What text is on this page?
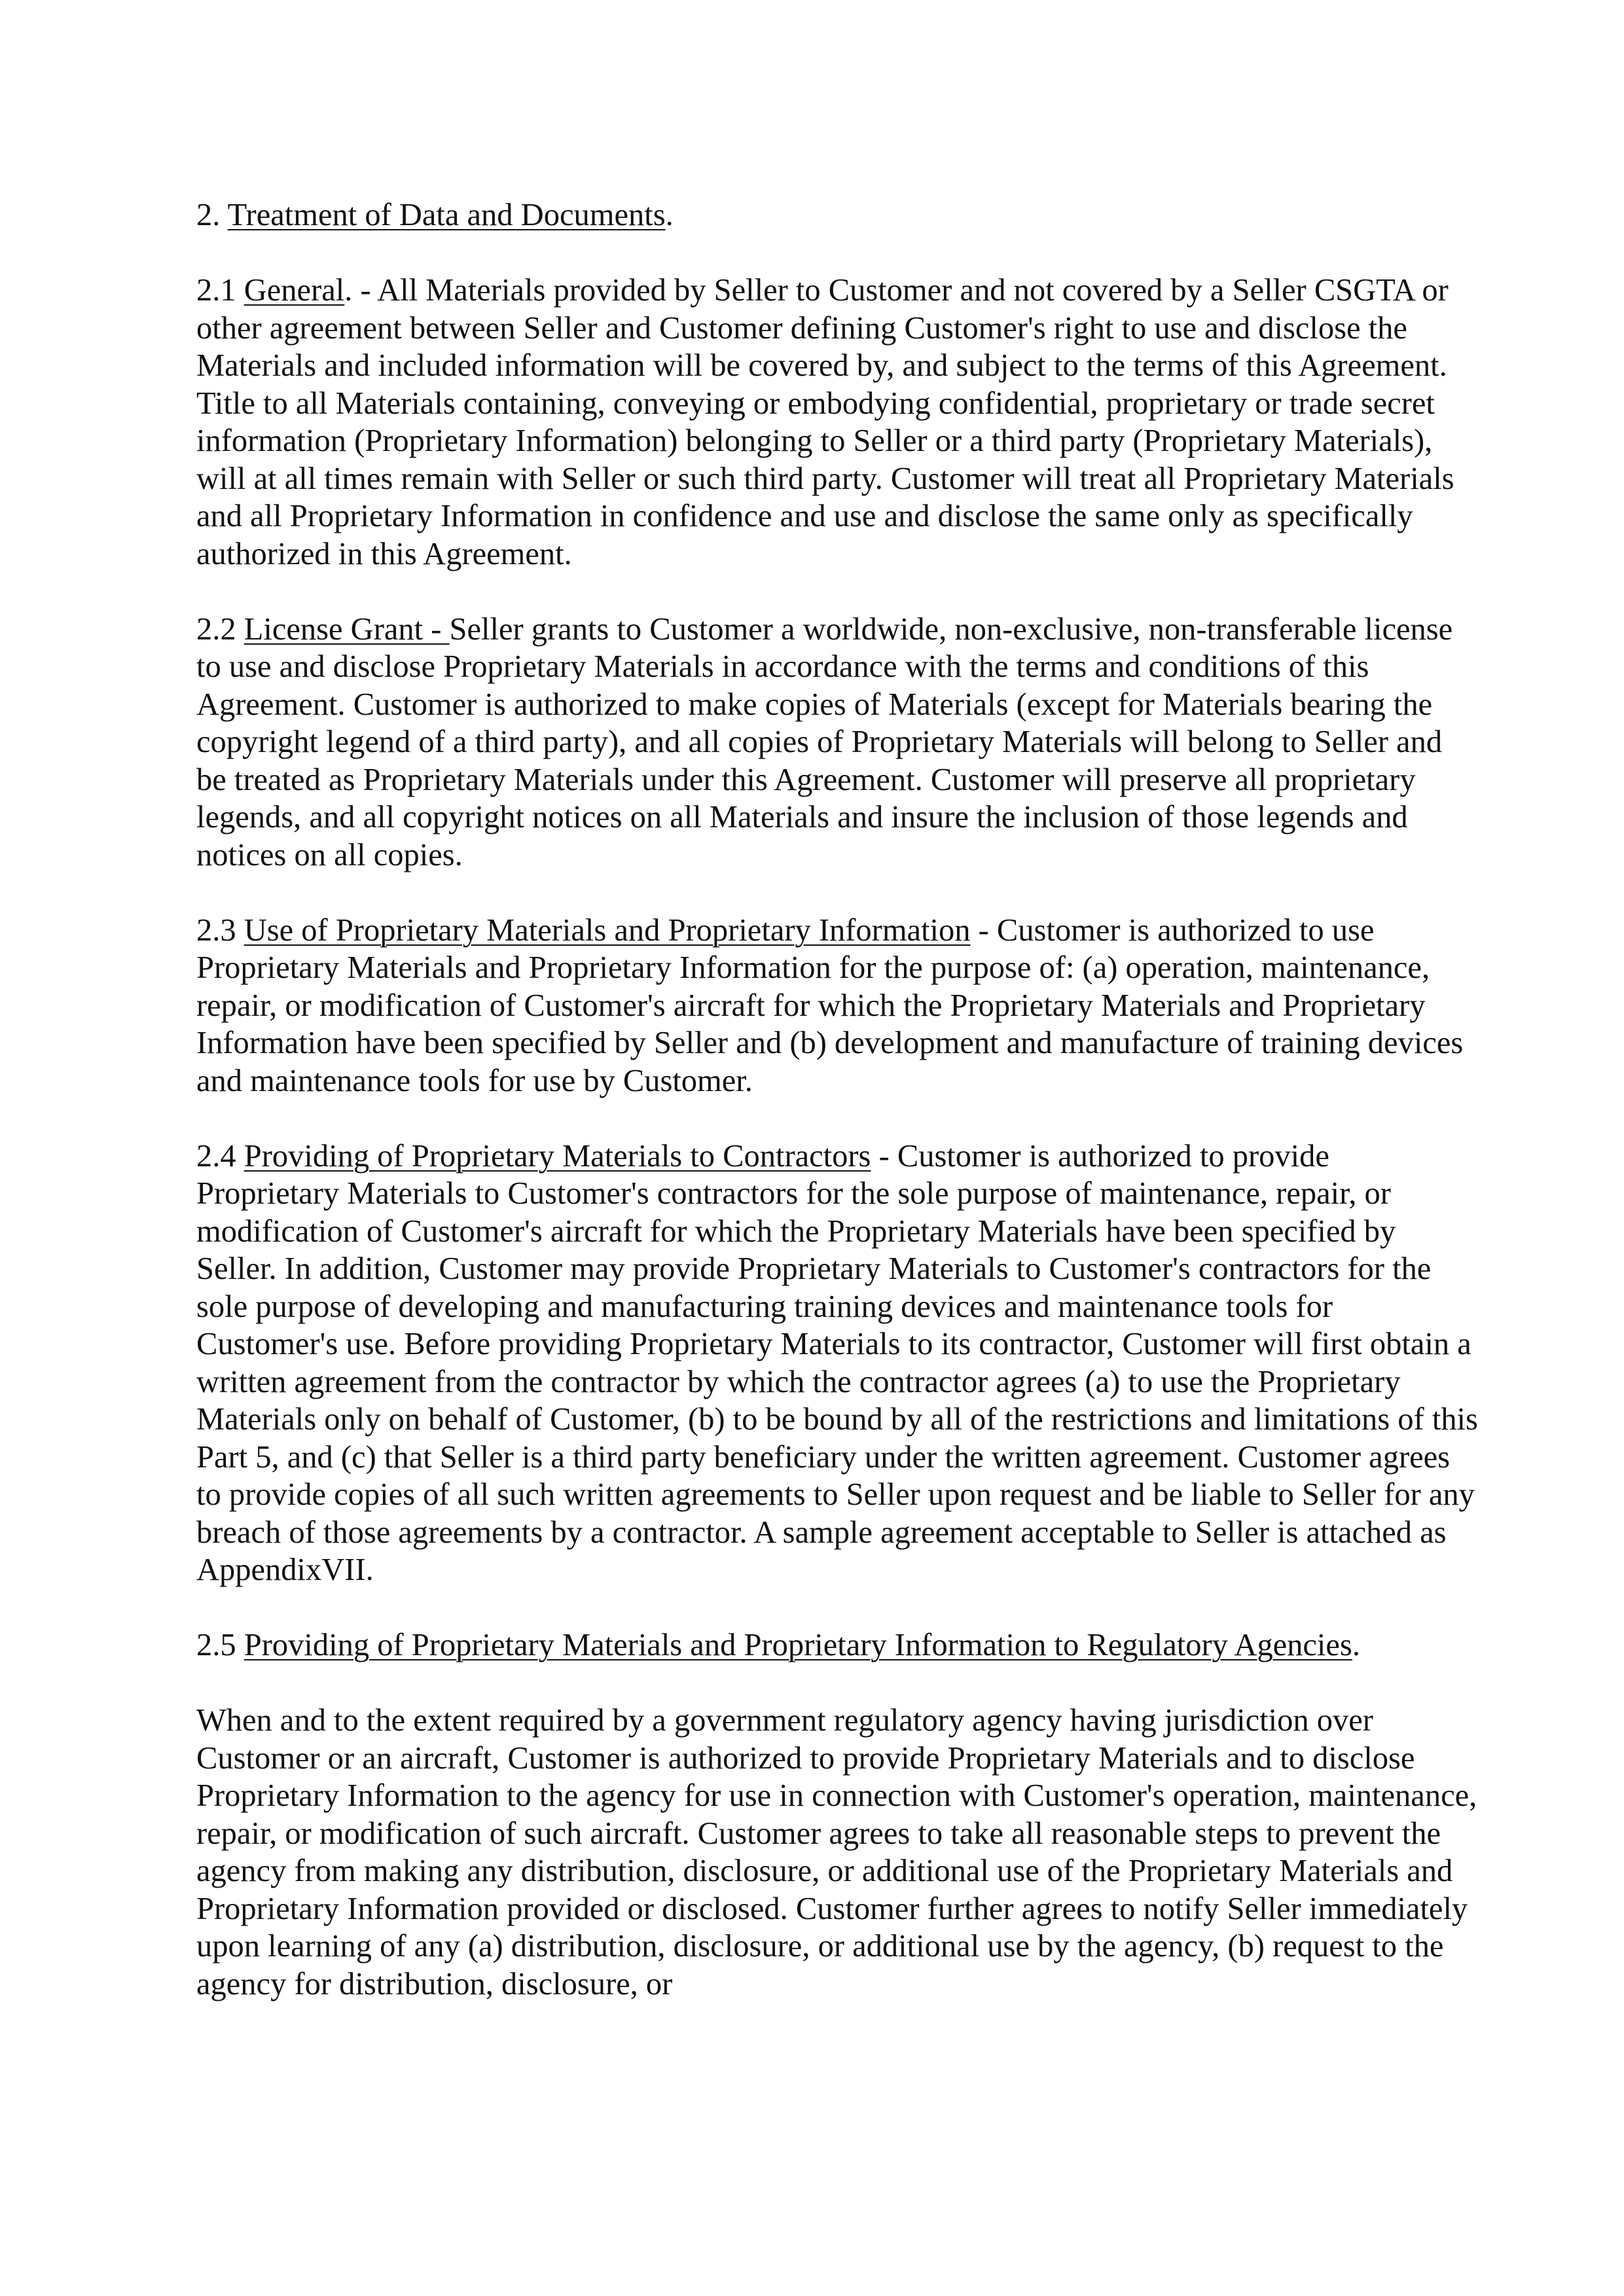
2. Treatment of Data and Documents.

2.1 General. - All Materials provided by Seller to Customer and not covered by a Seller CSGTA or other agreement between Seller and Customer defining Customer's right to use and disclose the Materials and included information will be covered by, and subject to the terms of this Agreement. Title to all Materials containing, conveying or embodying confidential, proprietary or trade secret information (Proprietary Information) belonging to Seller or a third party (Proprietary Materials), will at all times remain with Seller or such third party. Customer will treat all Proprietary Materials and all Proprietary Information in confidence and use and disclose the same only as specifically authorized in this Agreement.

2.2 License Grant - Seller grants to Customer a worldwide, non-exclusive, non-transferable license to use and disclose Proprietary Materials in accordance with the terms and conditions of this Agreement. Customer is authorized to make copies of Materials (except for Materials bearing the copyright legend of a third party), and all copies of Proprietary Materials will belong to Seller and be treated as Proprietary Materials under this Agreement. Customer will preserve all proprietary legends, and all copyright notices on all Materials and insure the inclusion of those legends and notices on all copies.

2.3 Use of Proprietary Materials and Proprietary Information - Customer is authorized to use Proprietary Materials and Proprietary Information for the purpose of: (a) operation, maintenance, repair, or modification of Customer's aircraft for which the Proprietary Materials and Proprietary Information have been specified by Seller and (b) development and manufacture of training devices and maintenance tools for use by Customer.

2.4 Providing of Proprietary Materials to Contractors - Customer is authorized to provide Proprietary Materials to Customer's contractors for the sole purpose of maintenance, repair, or modification of Customer's aircraft for which the Proprietary Materials have been specified by Seller. In addition, Customer may provide Proprietary Materials to Customer's contractors for the sole purpose of developing and manufacturing training devices and maintenance tools for Customer's use. Before providing Proprietary Materials to its contractor, Customer will first obtain a written agreement from the contractor by which the contractor agrees (a) to use the Proprietary Materials only on behalf of Customer, (b) to be bound by all of the restrictions and limitations of this Part 5, and (c) that Seller is a third party beneficiary under the written agreement. Customer agrees to provide copies of all such written agreements to Seller upon request and be liable to Seller for any breach of those agreements by a contractor. A sample agreement acceptable to Seller is attached as AppendixVII.

2.5 Providing of Proprietary Materials and Proprietary Information to Regulatory Agencies.

When and to the extent required by a government regulatory agency having jurisdiction over Customer or an aircraft, Customer is authorized to provide Proprietary Materials and to disclose Proprietary Information to the agency for use in connection with Customer's operation, maintenance, repair, or modification of such aircraft. Customer agrees to take all reasonable steps to prevent the agency from making any distribution, disclosure, or additional use of the Proprietary Materials and Proprietary Information provided or disclosed. Customer further agrees to notify Seller immediately upon learning of any (a) distribution, disclosure, or additional use by the agency, (b) request to the agency for distribution, disclosure, or
